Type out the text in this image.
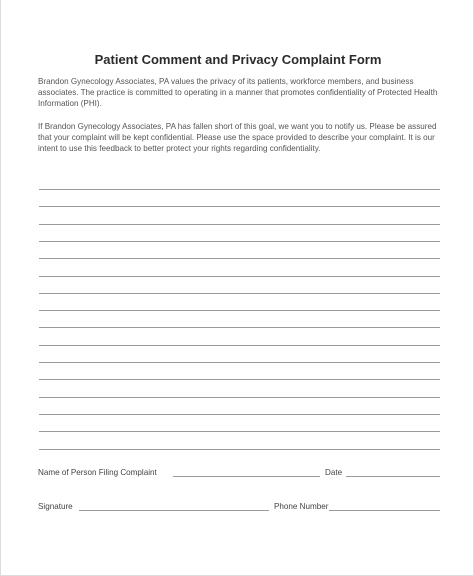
Patient Comment and Privacy Complaint Form

Brandon Gynecology Associates, PA values the privacy of its patients, workforce members, and business associates. The practice is committed to operating in a manner that promotes confidentiality of Protected Health Information (PHI).

If Brandon Gynecology Associates, PA has fallen short of this goal, we want you to notify us. Please be assured that your complaint will be kept confidential. Please use the space provided to describe your complaint. It is our intent to use this feedback to better protect your rights regarding confidentiality.

Name of Person Filing Complaint	Date
Signature	Phone Number
